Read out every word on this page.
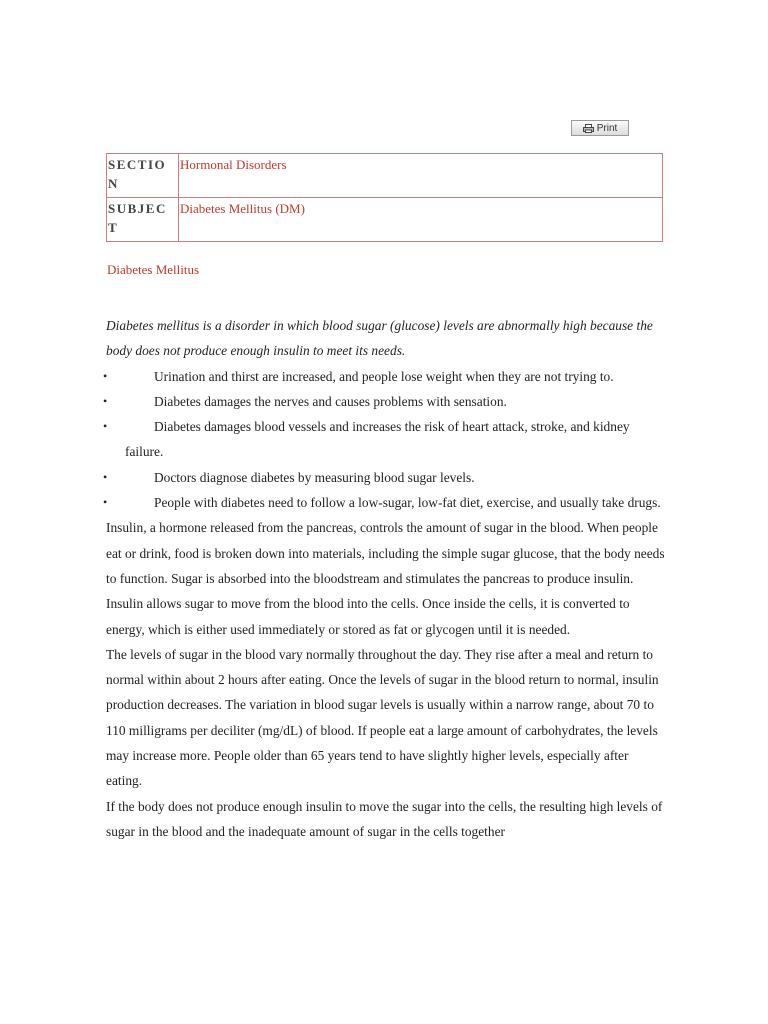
Print
SECTION	Hormonal Disorders
SUBJECT	Diabetes Mellitus (DM)
Diabetes Mellitus

Diabetes mellitus is a disorder in which blood sugar (glucose) levels are abnormally high because the body does not produce enough insulin to meet its needs.

•	Urination and thirst are increased, and people lose weight when they are not trying to.
•	Diabetes damages the nerves and causes problems with sensation.
•	Diabetes damages blood vessels and increases the risk of heart attack, stroke, and kidney failure.
•	Doctors diagnose diabetes by measuring blood sugar levels.
•	People with diabetes need to follow a low-sugar, low-fat diet, exercise, and usually take drugs.

Insulin, a hormone released from the pancreas, controls the amount of sugar in the blood. When people eat or drink, food is broken down into materials, including the simple sugar glucose, that the body needs to function. Sugar is absorbed into the bloodstream and stimulates the pancreas to produce insulin. Insulin allows sugar to move from the blood into the cells. Once inside the cells, it is converted to energy, which is either used immediately or stored as fat or glycogen until it is needed.

The levels of sugar in the blood vary normally throughout the day. They rise after a meal and return to normal within about 2 hours after eating. Once the levels of sugar in the blood return to normal, insulin production decreases. The variation in blood sugar levels is usually within a narrow range, about 70 to 110 milligrams per deciliter (mg/dL) of blood. If people eat a large amount of carbohydrates, the levels may increase more. People older than 65 years tend to have slightly higher levels, especially after eating.

If the body does not produce enough insulin to move the sugar into the cells, the resulting high levels of sugar in the blood and the inadequate amount of sugar in the cells together
